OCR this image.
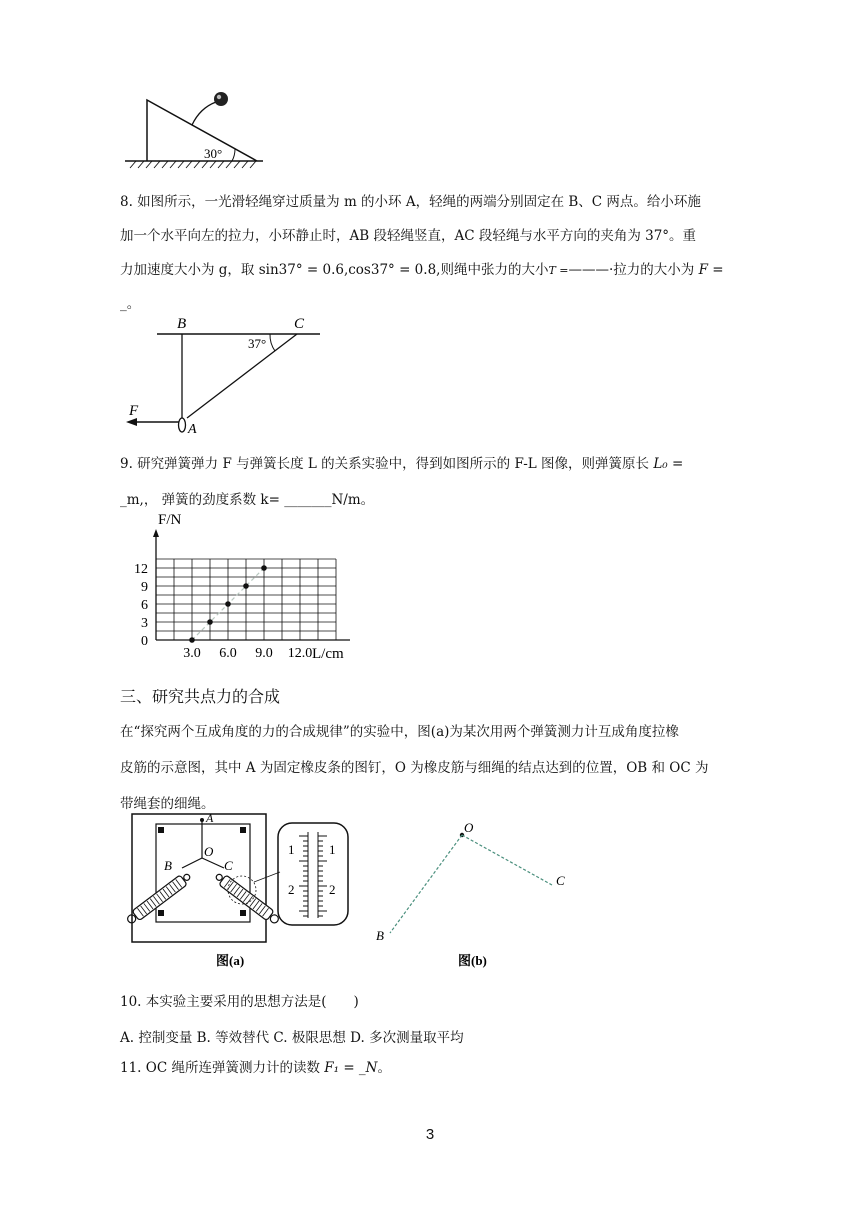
30°
8. 如图所示，一光滑轻绳穿过质量为 m 的小环 A，轻绳的两端分别固定在 B、C 两点。给小环施
加一个水平向左的拉力，小环静止时，AB 段轻绳竖直，AC 段轻绳与水平方向的夹角为 37°。重
力加速度大小为 g，取 sin37° = 0.6,cos37° = 0.8,则绳中张力的大小T =———·拉力的大小为 F =
_。
B	C
37°
A
F
9. 研究弹簧弹力 F 与弹簧长度 L 的关系实验中，得到如图所示的 F-L 图像，则弹簧原长 L₀ =
_m,， 弹簧的劲度系数 k= _______N/m。
3.0 6.0 9.0 12.0
0
3
6
9
12
F/N
L/cm
三、研究共点力的合成
在“探究两个互成角度的力的合成规律”的实验中，图(a)为某次用两个弹簧测力计互成角度拉橡
皮筋的示意图，其中 A 为固定橡皮条的图钉，O 为橡皮筋与细绳的结点达到的位置，OB 和 OC 为
带绳套的细绳。
1	1
2	2
A
O
B	C
图(a)
O
B
C
图(b)
10. 本实验主要采用的思想方法是(　　)
A. 控制变量 B. 等效替代 C. 极限思想 D. 多次测量取平均
11. OC 绳所连弹簧测力计的读数 F₁ = _N。
3
